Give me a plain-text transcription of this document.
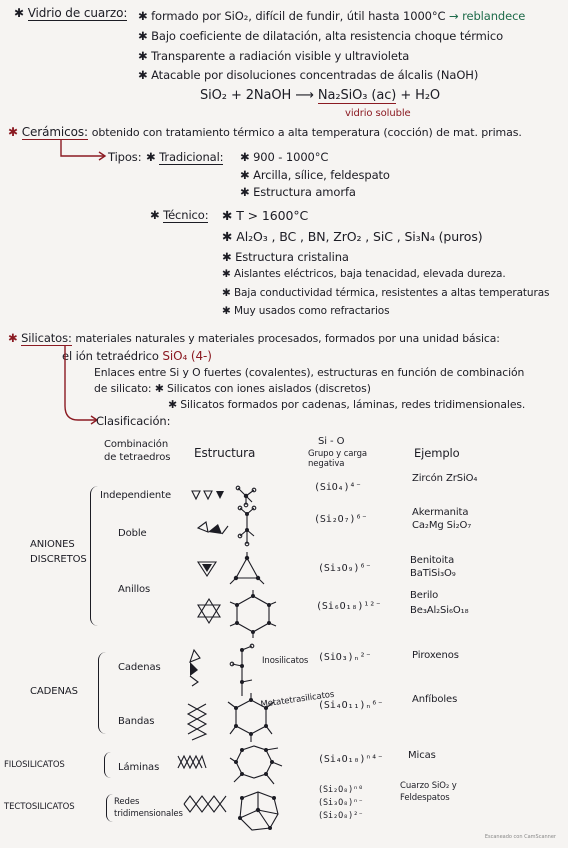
✱ Vidrio de cuarzo: ✱ formado por SiO₂, difícil de fundir, útil hasta 1000°C → reblandece
✱ Bajo coeficiente de dilatación, alta resistencia choque térmico
✱ Transparente a radiación visible y ultravioleta
✱ Atacable por disoluciones concentradas de álcalis (NaOH)
SiO₂ + 2NaOH ⟶ Na₂SiO₃ (ac) + H₂O
vidrio soluble
✱ Cerámicos: obtenido con tratamiento térmico a alta temperatura (cocción) de mat. primas.
Tipos: ✱ Tradicional: ✱ 900 - 1000°C
✱ Arcilla, sílice, feldespato
✱ Estructura amorfa
✱ Técnico: ✱ T > 1600°C
✱ Al₂O₃ , BC , BN, ZrO₂ , SiC , Si₃N₄ (puros)
✱ Estructura cristalina
✱ Aislantes eléctricos, baja tenacidad, elevada dureza.
✱ Baja conductividad térmica, resistentes a altas temperaturas
✱ Muy usados como refractarios
✱ Silicatos: materiales naturales y materiales procesados, formados por una unidad básica:
el ión tetraédrico SiO₄ (4-)
Enlaces entre Si y O fuertes (covalentes), estructuras en función de combinación
de silicato: ✱ Silicatos con iones aislados (discretos)
✱ Silicatos formados por cadenas, láminas, redes tridimensionales.
Clasificación:
Combinación de tetraedros	Estructura
Si - O
Grupo y carga negativa
Ejemplo
ANIONES DISCRETOS
CADENAS
FILOSILICATOS
TECTOSILICATOS
Independiente
(SiO₄)⁴⁻
Zircón ZrSiO₄
Doble
(Si₂O₇)⁶⁻
Akermanita Ca₂Mg Si₂O₇
(Si₃O₉)⁶⁻
Benitoita BaTiSi₃O₉
Anillos
(Si₆O₁₈)¹²⁻
Berilo Be₃Al₂Si₆O₁₈
Cadenas
Inosilicatos (SiO₃)ₙ²⁻	Piroxenos
Bandas
Metatetrasilicatos
(Si₄O₁₁)ₙ⁶⁻
Anfíboles
Láminas
(Si₄O₁₀)ⁿ⁴⁻ Micas
Redes tridimensionales
(Si₂O₈)ⁿ⁰ (Si₃O₈)ⁿ⁻ (Si₂O₈)²⁻
Cuarzo SiO₂ y Feldespatos
Escaneado con CamScanner
